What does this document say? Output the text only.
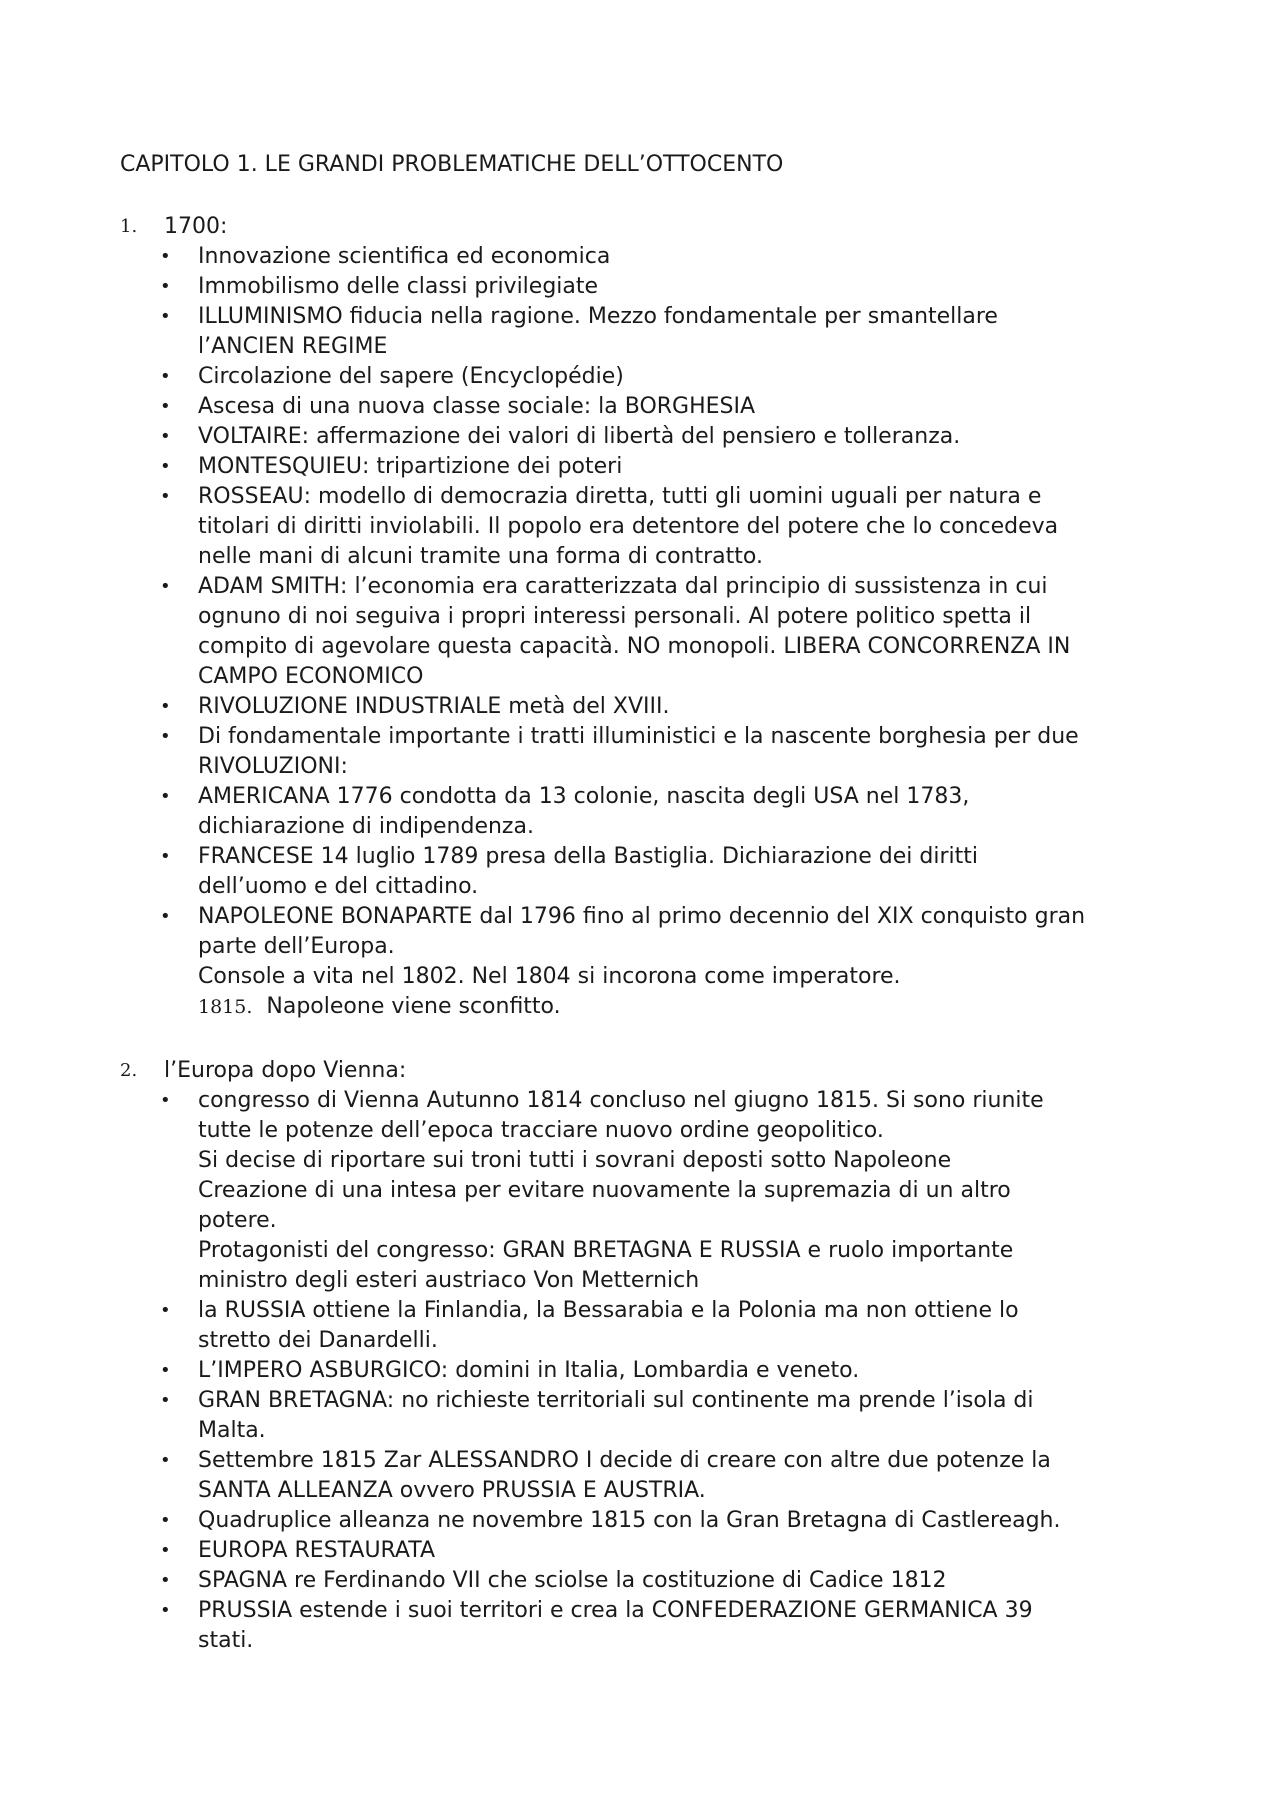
CAPITOLO 1. LE GRANDI PROBLEMATICHE DELL’OTTOCENTO
1.	1700:
•	Innovazione scientifica ed economica
•	Immobilismo delle classi privilegiate
•	ILLUMINISMO fiducia nella ragione. Mezzo fondamentale per smantellare
l’ANCIEN REGIME
•	Circolazione del sapere (Encyclopédie)
•	Ascesa di una nuova classe sociale: la BORGHESIA
•	VOLTAIRE: affermazione dei valori di libertà del pensiero e tolleranza.
•	MONTESQUIEU: tripartizione dei poteri
•	ROSSEAU: modello di democrazia diretta, tutti gli uomini uguali per natura e
titolari di diritti inviolabili. Il popolo era detentore del potere che lo concedeva
nelle mani di alcuni tramite una forma di contratto.
•	ADAM SMITH: l’economia era caratterizzata dal principio di sussistenza in cui
ognuno di noi seguiva i propri interessi personali. Al potere politico spetta il
compito di agevolare questa capacità. NO monopoli. LIBERA CONCORRENZA IN
CAMPO ECONOMICO
•	RIVOLUZIONE INDUSTRIALE metà del XVIII.
•	Di fondamentale importante i tratti illuministici e la nascente borghesia per due
RIVOLUZIONI:
•	AMERICANA 1776 condotta da 13 colonie, nascita degli USA nel 1783,
dichiarazione di indipendenza.
•	FRANCESE 14 luglio 1789 presa della Bastiglia. Dichiarazione dei diritti
dell’uomo e del cittadino.
•	NAPOLEONE BONAPARTE dal 1796 fino al primo decennio del XIX conquisto gran
parte dell’Europa.
Console a vita nel 1802. Nel 1804 si incorona come imperatore.
1815. Napoleone viene sconfitto.
2.	l’Europa dopo Vienna:
•	congresso di Vienna Autunno 1814 concluso nel giugno 1815. Si sono riunite
tutte le potenze dell’epoca tracciare nuovo ordine geopolitico.
Si decise di riportare sui troni tutti i sovrani deposti sotto Napoleone
Creazione di una intesa per evitare nuovamente la supremazia di un altro
potere.
Protagonisti del congresso: GRAN BRETAGNA E RUSSIA e ruolo importante
ministro degli esteri austriaco Von Metternich
•	la RUSSIA ottiene la Finlandia, la Bessarabia e la Polonia ma non ottiene lo
stretto dei Danardelli.
•	L’IMPERO ASBURGICO: domini in Italia, Lombardia e veneto.
•	GRAN BRETAGNA: no richieste territoriali sul continente ma prende l’isola di
Malta.
•	Settembre 1815 Zar ALESSANDRO I decide di creare con altre due potenze la
SANTA ALLEANZA ovvero PRUSSIA E AUSTRIA.
•	Quadruplice alleanza ne novembre 1815 con la Gran Bretagna di Castlereagh.
•	EUROPA RESTAURATA
•	SPAGNA re Ferdinando VII che sciolse la costituzione di Cadice 1812
•	PRUSSIA estende i suoi territori e crea la CONFEDERAZIONE GERMANICA 39
stati.
